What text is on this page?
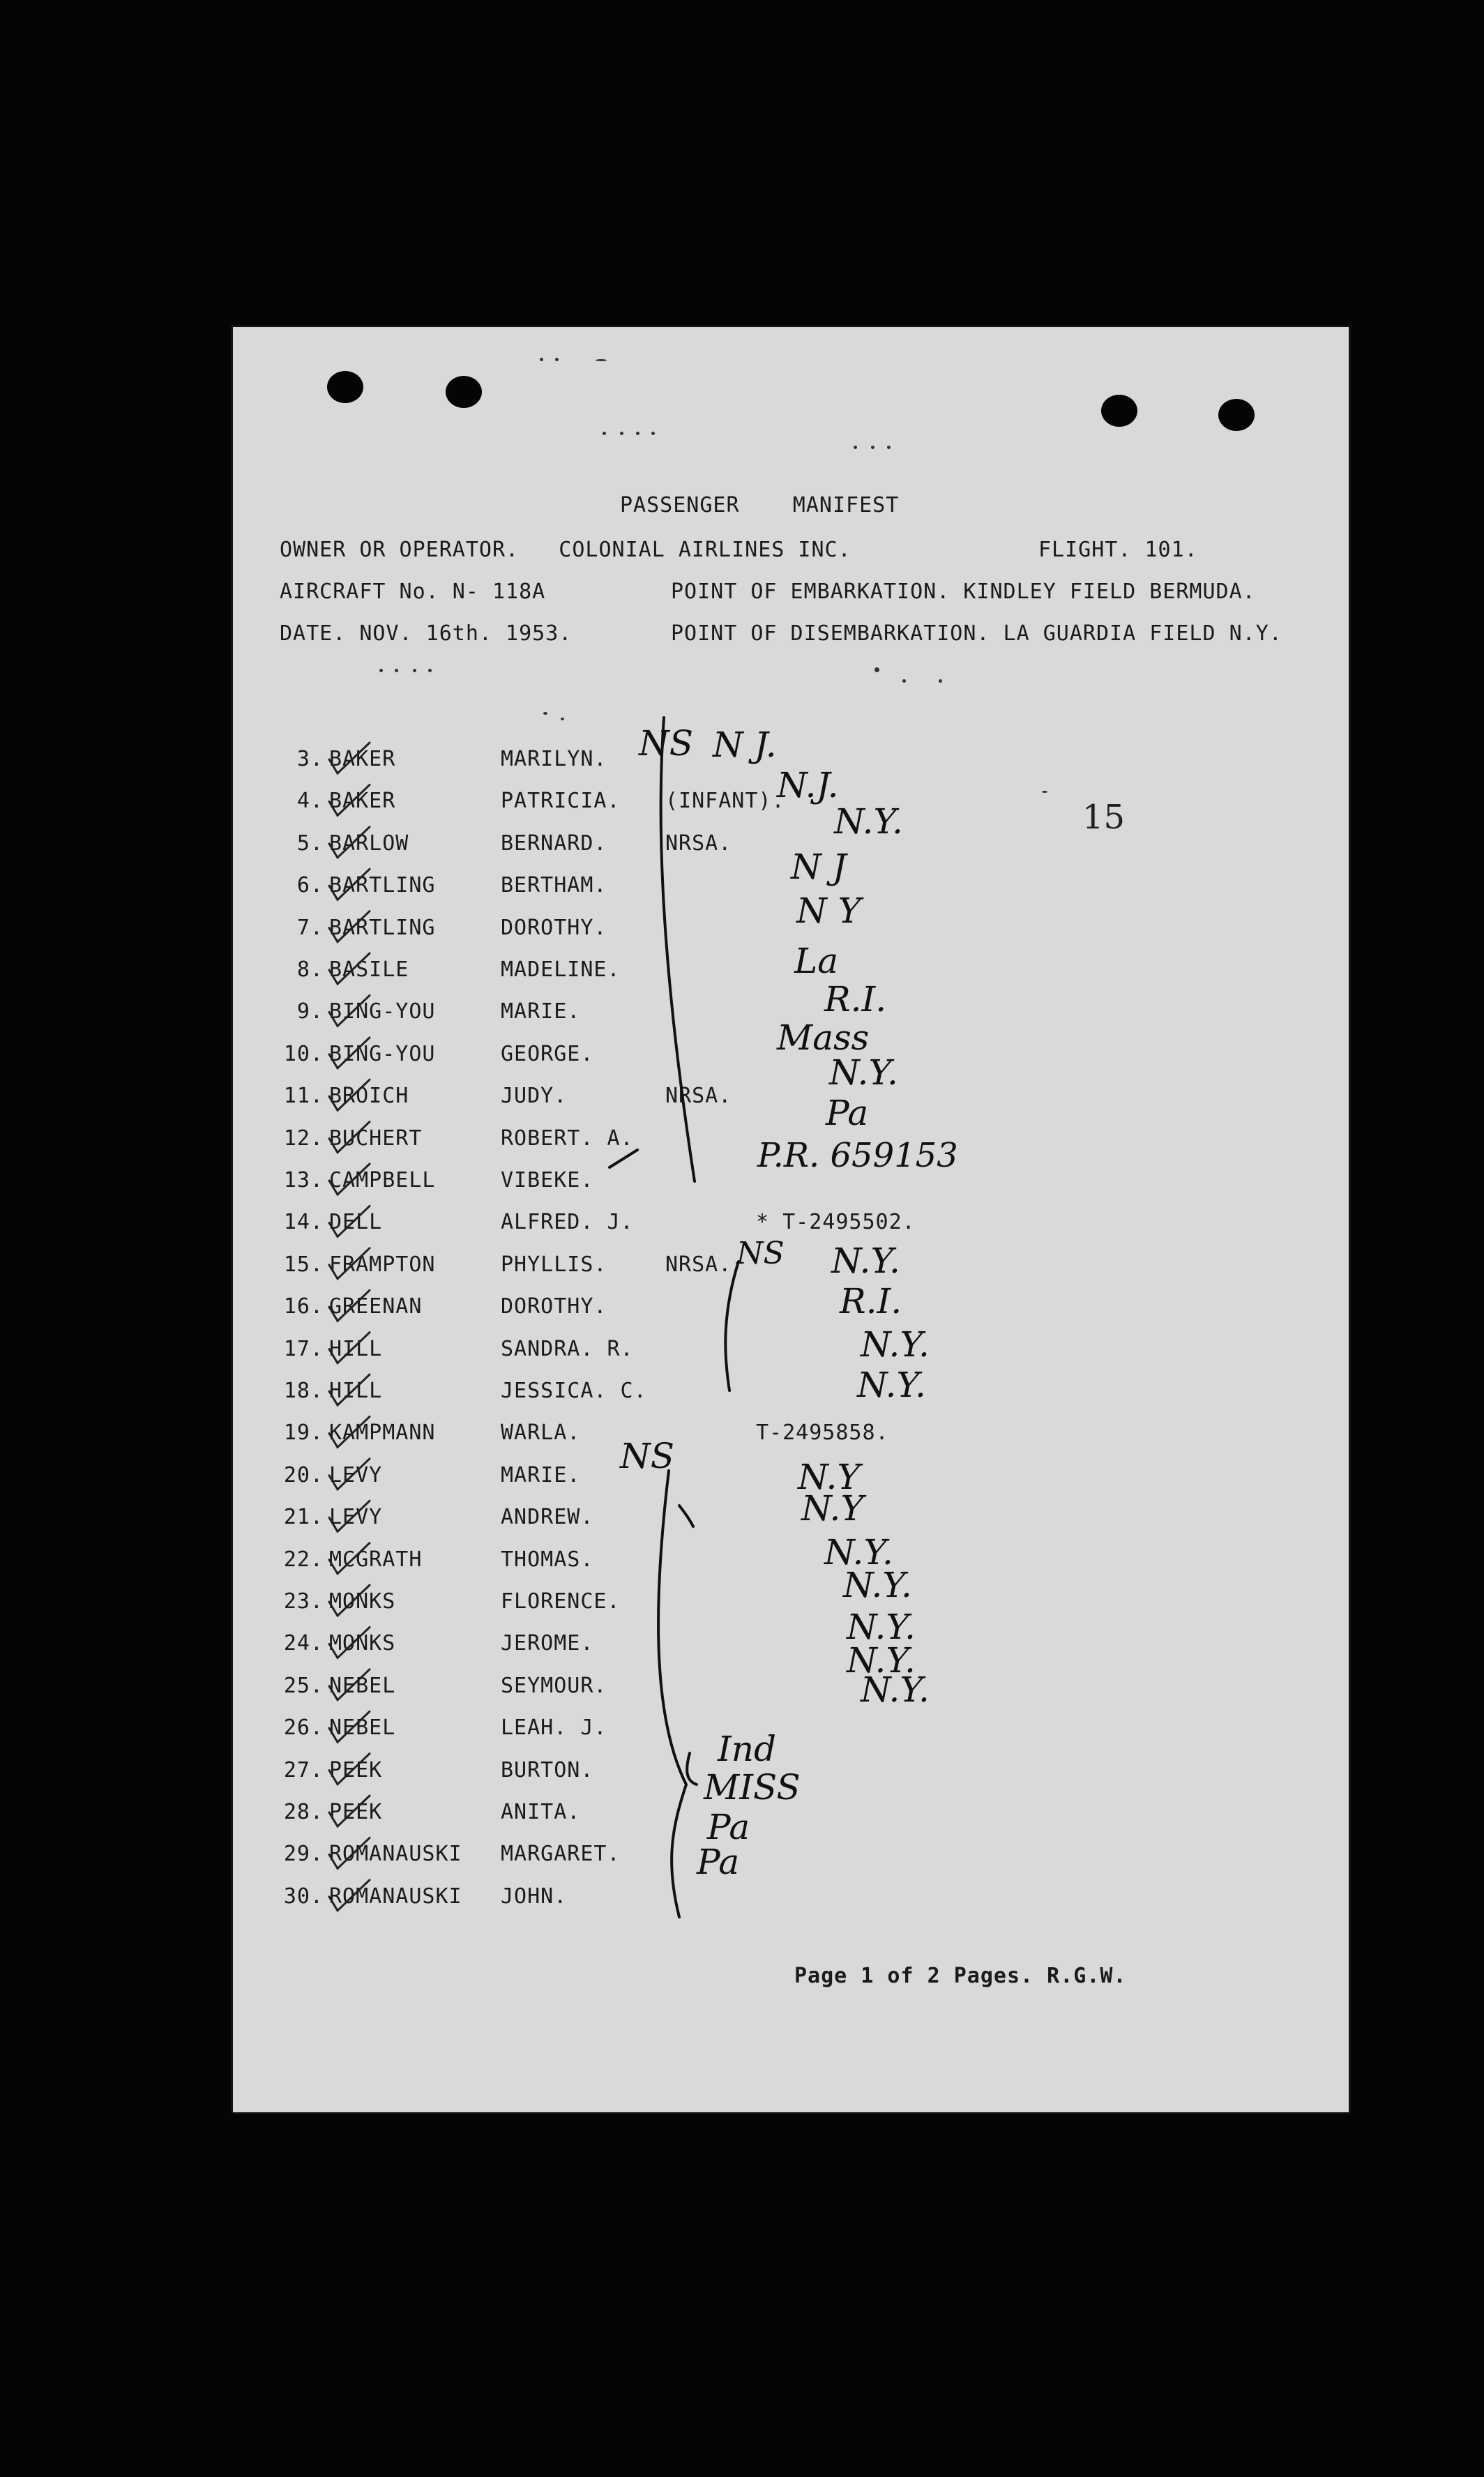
PASSENGER    MANIFEST
OWNER OR OPERATOR.   COLONIAL AIRLINES INC.	FLIGHT. 101.
AIRCRAFT No. N- 118A	POINT OF EMBARKATION. KINDLEY FIELD BERMUDA.
DATE. NOV. 16th. 1953.	POINT OF DISEMBARKATION. LA GUARDIA FIELD N.Y.
15
3. BAKER	MARILYN.
4. BAKER	PATRICIA. (INFANT).
5. BARLOW	BERNARD.	NRSA.
6. BARTLING	BERTHAM.
7. BARTLING	DOROTHY.
8. BASILE	MADELINE.
9. BING-YOU	MARIE.
10. BING-YOU	GEORGE.
11. BROICH	JUDY.	NRSA.
12. BUCHERT	ROBERT. A.
13. CAMPBELL	VIBEKE.
14. DELL	ALFRED. J.	* T-2495502.
15. FRAMPTON	PHYLLIS.	NRSA.
16. GREENAN	DOROTHY.
17. HILL	SANDRA. R.
18. HILL	JESSICA. C.
19. KAMPMANN	WARLA.	T-2495858.
20. LEVY	MARIE.
21. LEVY	ANDREW.
22. MCGRATH	THOMAS.
23. MONKS	FLORENCE.
24. MONKS	JEROME.
25. NEBEL	SEYMOUR.
26. NEBEL	LEAH. J.
27. PEEK	BURTON.
28. PEEK	ANITA.
29. ROMANAUSKI MARGARET.
30. ROMANAUSKI JOHN.
Page 1 of 2 Pages. R.G.W.
NS
NS
NS
N J.
N.J.
N.Y.
N J
N Y
La
R.I.
Mass
N.Y.
Pa
P.R. 659153
N.Y.
R.I.
N.Y.
N.Y.
N.Y
N.Y
N.Y.
N.Y.
N.Y.
N.Y.
N.Y.
Ind
MISS
Pa
Pa
